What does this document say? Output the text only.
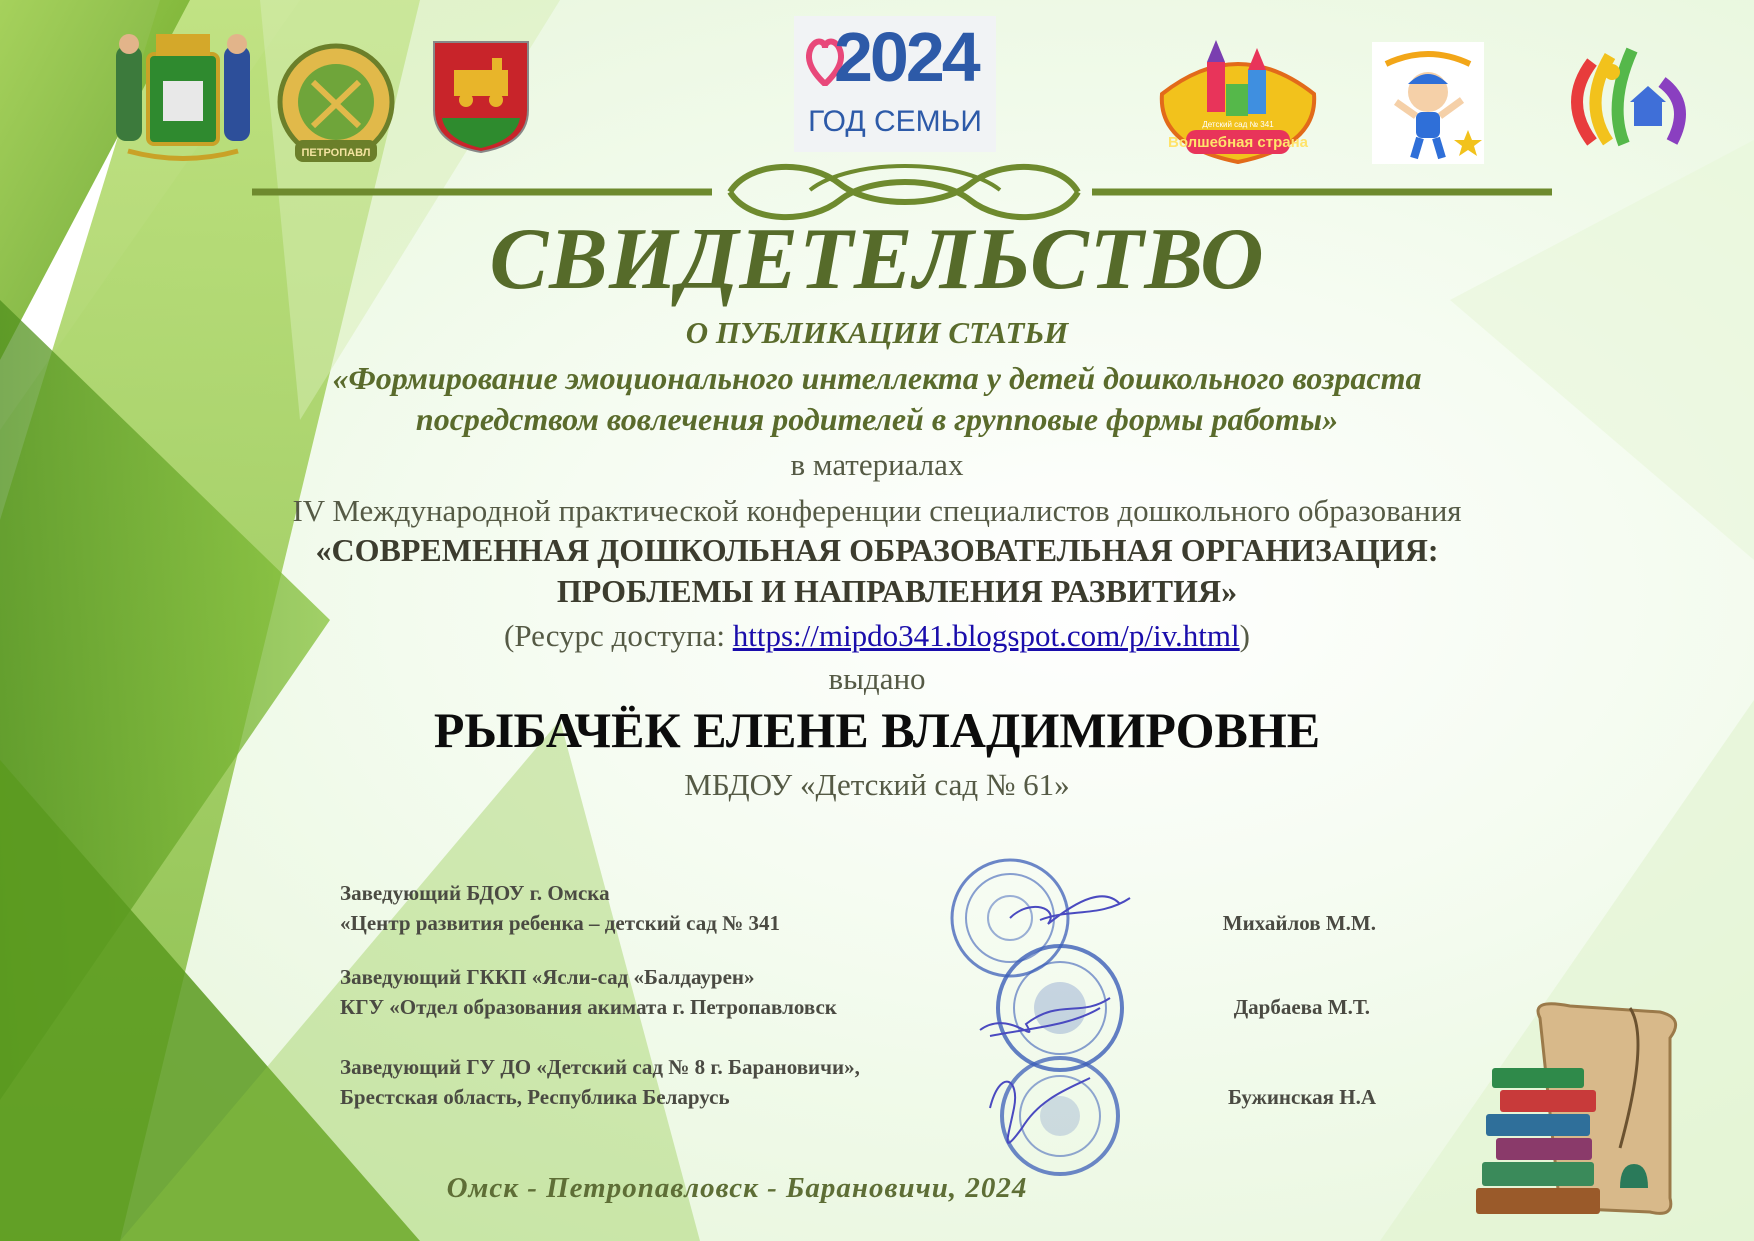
ПЕТРОПАВЛ
2024
ГОД СЕМЬИ
Волшебная страна
Детский сад № 341
СВИДЕТЕЛЬСТВО
О ПУБЛИКАЦИИ СТАТЬИ
«Формирование эмоционального интеллекта у детей дошкольного возраста
посредством вовлечения родителей в групповые формы работы»
в материалах
IV Международной практической конференции специалистов дошкольного образования
«СОВРЕМЕННАЯ ДОШКОЛЬНАЯ ОБРАЗОВАТЕЛЬНАЯ ОРГАНИЗАЦИЯ:
ПРОБЛЕМЫ И НАПРАВЛЕНИЯ РАЗВИТИЯ»
(Ресурс доступа: https://mipdo341.blogspot.com/p/iv.html)
выдано
РЫБАЧЁК ЕЛЕНЕ ВЛАДИМИРОВНЕ
МБДОУ «Детский сад № 61»
Заведующий БДОУ г. Омска
«Центр развития ребенка – детский сад № 341	Михайлов М.М.
Заведующий ГККП «Ясли-сад «Балдаурен»
КГУ «Отдел образования акимата г. Петропавловск	Дарбаева М.Т.
Заведующий ГУ ДО «Детский сад № 8 г. Барановичи»,
Брестская область, Республика Беларусь	Бужинская Н.А
Омск - Петропавловск - Барановичи, 2024
